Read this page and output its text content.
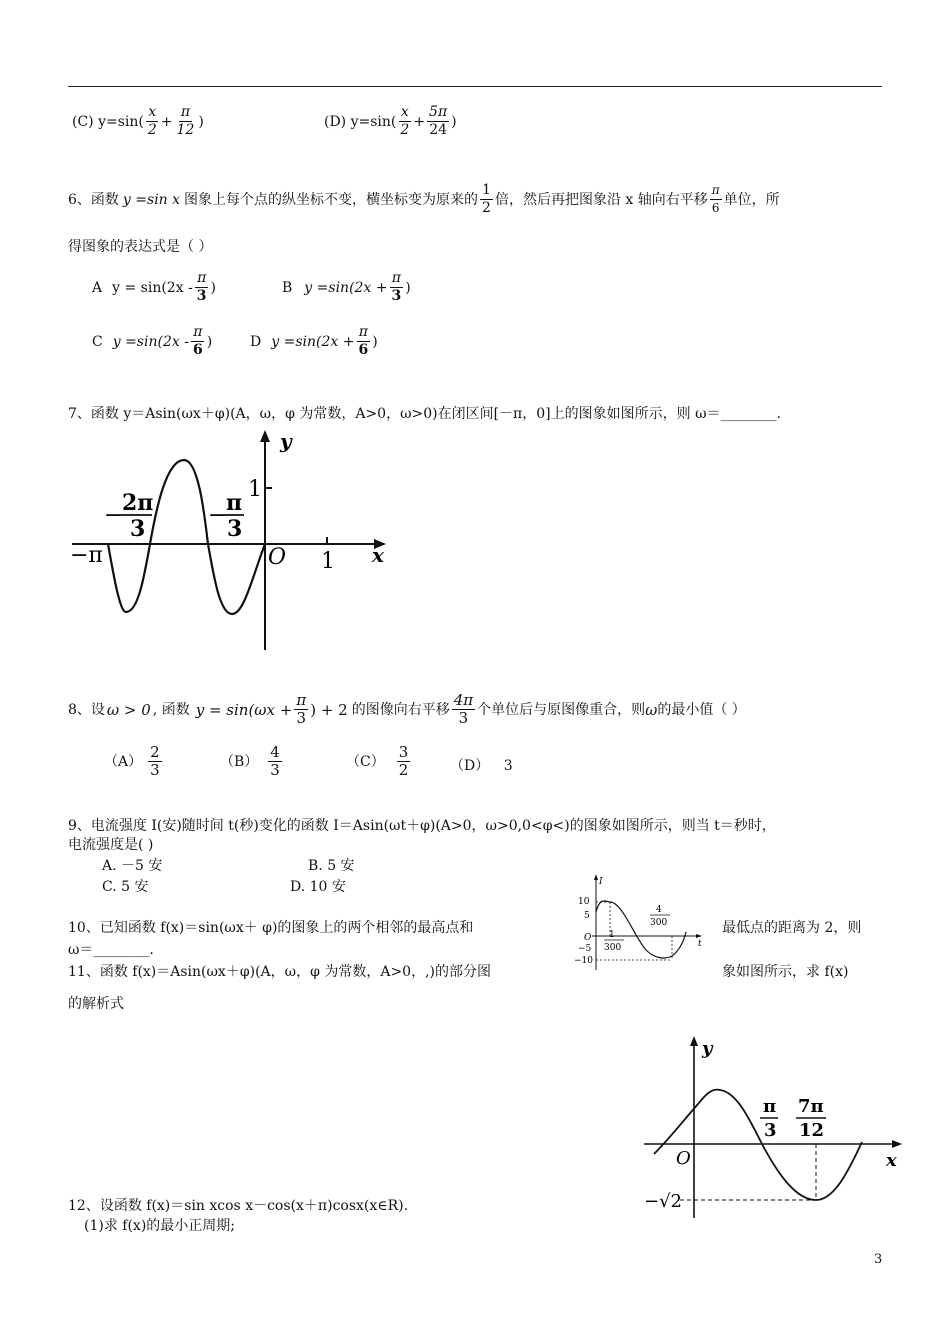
(C) $y=\sin( \frac{x}{2} + \frac{\pi}{12}$ )	(D) $y=\sin( \frac{x}{2} + \frac{5\pi}{24}$ )
6、函数 y =sin x 图象上每个点的纵坐标不变，横坐标变为原来的 $\frac{1}{2}$ 倍，然后再把图象沿 x 轴向右平移 $\frac{\pi}{6}$ 单位，所
得图象的表达式是（ ）
A $y = \sin(2x - \frac{\pi}{3}$ )	B $y =\sin(2x + \frac{\pi}{3}$ )
C $y =\sin(2x - \frac{\pi}{6}$ )	D $y =\sin(2x + \frac{\pi}{6}$ )
7、函数 y＝Asin(ωx＋φ)(A，ω，φ 为常数，A>0，ω>0)在闭区间[－π，0]上的图象如图所示，则 ω＝________.
− 2π
3
− π
3
−π
1
1
O	x
y
8、设 ω > 0 , 函数 $y = \sin(\omega x + \frac{\pi}{3}$ ) + 2 的图像向右平移 $\frac{4\pi}{3}$ 个单位后与原图像重合，则 ω 的最小值（ ）
$(A) \frac{2}{3}$	$(B) \frac{4}{3}$	$(C) \frac{3}{2}$	（D） 3
9、电流强度 I(安)随时间 t(秒)变化的函数 I＝Asin(ωt＋φ)(A>0，ω>0,0<φ<)的图象如图所示，则当 t＝秒时，
电流强度是( )
A. －5 安	B. 5 安
C. 5 安	D. 10 安	I
t
10
5
O
−5
−10
1
300
4
300
10、已知函数 f(x)＝sin(ωx＋ φ)的图象上的两个相邻的最高点和	最低点的距离为 2，则
ω＝________.
11、函数 f(x)＝Asin(ωx＋φ)(A，ω，φ 为常数，A>0，,)的部分图	象如图所示，求 f(x)
的解析式
y
x
O
π
3
7π
12
−√2
12、设函数 f(x)＝sin xcos x－cos(x＋π)cosx(x∈R).
(1)求 f(x)的最小正周期;
3
